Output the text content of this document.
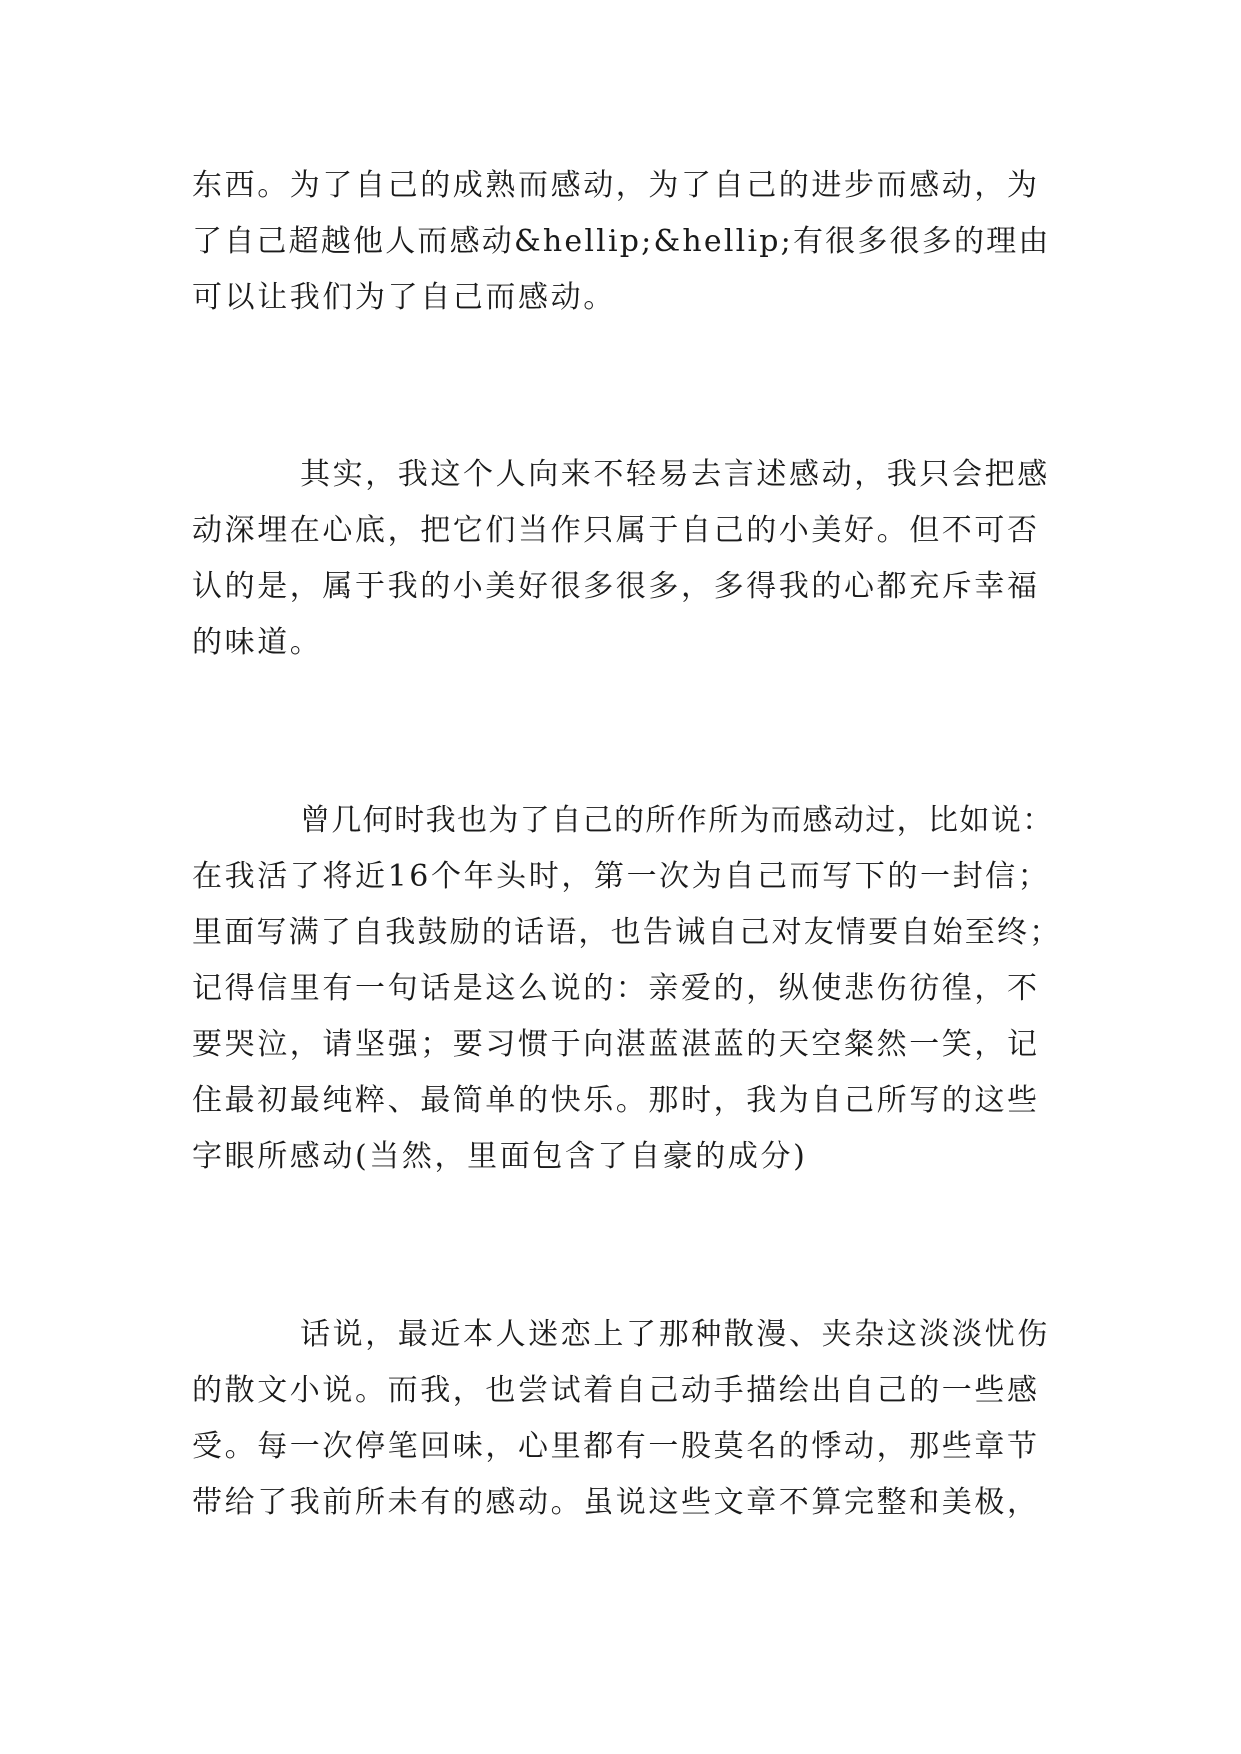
东西。为了自己的成熟而感动，为了自己的进步而感动，为
了自己超越他人而感动&hellip;&hellip;有很多很多的理由
可以让我们为了自己而感动。
其实，我这个人向来不轻易去言述感动，我只会把感
动深埋在心底，把它们当作只属于自己的小美好。但不可否
认的是，属于我的小美好很多很多，多得我的心都充斥幸福
的味道。
曾几何时我也为了自己的所作所为而感动过，比如说：
在我活了将近16个年头时，第一次为自己而写下的一封信；
里面写满了自我鼓励的话语，也告诫自己对友情要自始至终；
记得信里有一句话是这么说的：亲爱的，纵使悲伤彷徨，不
要哭泣，请坚强；要习惯于向湛蓝湛蓝的天空粲然一笑，记
住最初最纯粹、最简单的快乐。那时，我为自己所写的这些
字眼所感动(当然，里面包含了自豪的成分)
话说，最近本人迷恋上了那种散漫、夹杂这淡淡忧伤
的散文小说。而我，也尝试着自己动手描绘出自己的一些感
受。每一次停笔回味，心里都有一股莫名的悸动，那些章节
带给了我前所未有的感动。虽说这些文章不算完整和美极，
